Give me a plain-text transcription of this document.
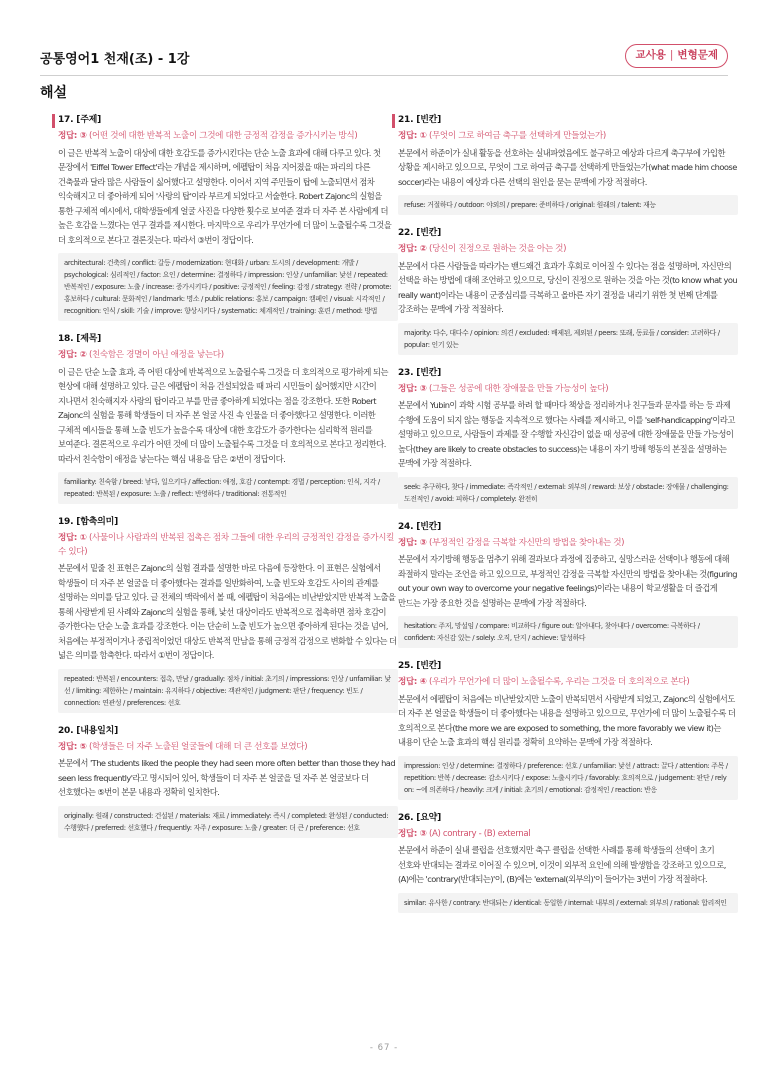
공통영어1 천재(조) - 1강	교사용 | 변형문제
해설
17. [주제]
정답: ③ (어떤 것에 대한 반복적 노출이 그것에 대한 긍정적 감정을 증가시키는 방식)
이 글은 반복적 노출이 대상에 대한 호감도를 증가시킨다는 단순 노출 효과에 대해 다루고 있다. 첫 문장에서 'Eiffel Tower Effect'라는 개념을 제시하며, 에펠탑이 처음 지어졌을 때는 파리의 다른 건축물과 달라 많은 사람들이 싫어했다고 설명한다. 이어서 지역 주민들이 탑에 노출되면서 점차 익숙해지고 더 좋아하게 되어 '사랑의 탑'이라 부르게 되었다고 서술한다. Robert Zajonc의 실험을 통한 구체적 예시에서, 대학생들에게 얼굴 사진을 다양한 횟수로 보여준 결과 더 자주 본 사람에게 더 높은 호감을 느꼈다는 연구 결과를 제시한다. 마지막으로 우리가 무언가에 더 많이 노출될수록 그것을 더 호의적으로 본다고 결론짓는다. 따라서 ③번이 정답이다.
architectural: 건축의 / conflict: 갈등 / modernization: 현대화 / urban: 도시의 / development: 개발 / psychological: 심리적인 / factor: 요인 / determine: 결정하다 / impression: 인상 / unfamiliar: 낯선 / repeated: 반복적인 / exposure: 노출 / increase: 증가시키다 / positive: 긍정적인 / feeling: 감정 / strategy: 전략 / promote: 홍보하다 / cultural: 문화적인 / landmark: 명소 / public relations: 홍보 / campaign: 캠페인 / visual: 시각적인 / recognition: 인식 / skill: 기술 / improve: 향상시키다 / systematic: 체계적인 / training: 훈련 / method: 방법
18. [제목]
정답: ② (친숙함은 경멸이 아닌 애정을 낳는다)
이 글은 단순 노출 효과, 즉 어떤 대상에 반복적으로 노출될수록 그것을 더 호의적으로 평가하게 되는 현상에 대해 설명하고 있다. 글은 에펠탑이 처음 건설되었을 때 파리 시민들이 싫어했지만 시간이 지나면서 친숙해지자 사랑의 탑이라고 부를 만큼 좋아하게 되었다는 점을 강조한다. 또한 Robert Zajonc의 실험을 통해 학생들이 더 자주 본 얼굴 사진 속 인물을 더 좋아했다고 설명한다. 이러한 구체적 예시들을 통해 노출 빈도가 높을수록 대상에 대한 호감도가 증가한다는 심리학적 원리를 보여준다. 결론적으로 우리가 어떤 것에 더 많이 노출될수록 그것을 더 호의적으로 본다고 정리한다. 따라서 친숙함이 애정을 낳는다는 핵심 내용을 담은 ②번이 정답이다.
familiarity: 친숙함 / breed: 낳다, 일으키다 / affection: 애정, 호감 / contempt: 경멸 / perception: 인식, 지각 / repeated: 반복된 / exposure: 노출 / reflect: 반영하다 / traditional: 전통적인
19. [함축의미]
정답: ① (사물이나 사람과의 반복된 접촉은 점차 그들에 대한 우리의 긍정적인 감정을 증가시킬 수 있다)
본문에서 밑줄 친 표현은 Zajonc의 실험 결과를 설명한 바로 다음에 등장한다. 이 표현은 실험에서 학생들이 더 자주 본 얼굴을 더 좋아했다는 결과를 일반화하여, 노출 빈도와 호감도 사이의 관계를 설명하는 의미를 담고 있다. 글 전체의 맥락에서 볼 때, 에펠탑이 처음에는 비난받았지만 반복적 노출을 통해 사랑받게 된 사례와 Zajonc의 실험을 통해, 낯선 대상이라도 반복적으로 접촉하면 점차 호감이 증가한다는 단순 노출 효과를 강조한다. 이는 단순히 노출 빈도가 높으면 좋아하게 된다는 것을 넘어, 처음에는 부정적이거나 중립적이었던 대상도 반복적 만남을 통해 긍정적 감정으로 변화할 수 있다는 더 넓은 의미를 함축한다. 따라서 ①번이 정답이다.
repeated: 반복된 / encounters: 접촉, 만남 / gradually: 점차 / initial: 초기의 / impressions: 인상 / unfamiliar: 낯선 / limiting: 제한하는 / maintain: 유지하다 / objective: 객관적인 / judgment: 판단 / frequency: 빈도 / connection: 연관성 / preferences: 선호
20. [내용일치]
정답: ⑤ (학생들은 더 자주 노출된 얼굴들에 대해 더 큰 선호를 보였다)
본문에서 'The students liked the people they had seen more often better than those they had seen less frequently'라고 명시되어 있어, 학생들이 더 자주 본 얼굴을 덜 자주 본 얼굴보다 더 선호했다는 ⑤번이 본문 내용과 정확히 일치한다.
originally: 원래 / constructed: 건설된 / materials: 재료 / immediately: 즉시 / completed: 완성된 / conducted: 수행했다 / preferred: 선호했다 / frequently: 자주 / exposure: 노출 / greater: 더 큰 / preference: 선호
21. [빈칸]
정답: ① (무엇이 그로 하여금 축구를 선택하게 만들었는가)
본문에서 하준이가 실내 활동을 선호하는 실내파였음에도 불구하고 예상과 다르게 축구부에 가입한 상황을 제시하고 있으므로, 무엇이 그로 하여금 축구를 선택하게 만들었는가(what made him choose soccer)라는 내용이 예상과 다른 선택의 원인을 묻는 문맥에 가장 적절하다.
refuse: 거절하다 / outdoor: 야외의 / prepare: 준비하다 / original: 원래의 / talent: 재능
22. [빈칸]
정답: ② (당신이 진정으로 원하는 것을 아는 것)
본문에서 다른 사람들을 따라가는 밴드왜건 효과가 후회로 이어질 수 있다는 점을 설명하며, 자신만의 선택을 하는 방법에 대해 조언하고 있으므로, 당신이 진정으로 원하는 것을 아는 것(to know what you really want)이라는 내용이 군중심리를 극복하고 올바른 자기 결정을 내리기 위한 첫 번째 단계를 강조하는 문맥에 가장 적절하다.
majority: 다수, 대다수 / opinion: 의견 / excluded: 배제된, 제외된 / peers: 또래, 동료들 / consider: 고려하다 / popular: 인기 있는
23. [빈칸]
정답: ③ (그들은 성공에 대한 장애물을 만들 가능성이 높다)
본문에서 Yubin이 과학 시험 공부를 하려 할 때마다 책상을 정리하거나 친구들과 문자를 하는 등 과제 수행에 도움이 되지 않는 행동을 지속적으로 했다는 사례를 제시하고, 이를 'self-handicapping'이라고 설명하고 있으므로, 사람들이 과제를 잘 수행할 자신감이 없을 때 성공에 대한 장애물을 만들 가능성이 높다(they are likely to create obstacles to success)는 내용이 자기 방해 행동의 본질을 설명하는 문맥에 가장 적절하다.
seek: 추구하다, 찾다 / immediate: 즉각적인 / external: 외부의 / reward: 보상 / obstacle: 장애물 / challenging: 도전적인 / avoid: 피하다 / completely: 완전히
24. [빈칸]
정답: ③ (부정적인 감정을 극복할 자신만의 방법을 찾아내는 것)
본문에서 자기방해 행동을 멈추기 위해 결과보다 과정에 집중하고, 실망스러운 선택이나 행동에 대해 좌절하지 말라는 조언을 하고 있으므로, 부정적인 감정을 극복할 자신만의 방법을 찾아내는 것(figuring out your own way to overcome your negative feelings)이라는 내용이 학교생활을 더 즐겁게 만드는 가장 중요한 것을 설명하는 문맥에 가장 적절하다.
hesitation: 주저, 망설임 / compare: 비교하다 / figure out: 알아내다, 찾아내다 / overcome: 극복하다 / confident: 자신감 있는 / solely: 오직, 단지 / achieve: 달성하다
25. [빈칸]
정답: ④ (우리가 무언가에 더 많이 노출될수록, 우리는 그것을 더 호의적으로 본다)
본문에서 에펠탑이 처음에는 비난받았지만 노출이 반복되면서 사랑받게 되었고, Zajonc의 실험에서도 더 자주 본 얼굴을 학생들이 더 좋아했다는 내용을 설명하고 있으므로, 무언가에 더 많이 노출될수록 더 호의적으로 본다(the more we are exposed to something, the more favorably we view it)는 내용이 단순 노출 효과의 핵심 원리를 정확히 요약하는 문맥에 가장 적절하다.
impression: 인상 / determine: 결정하다 / preference: 선호 / unfamiliar: 낯선 / attract: 끌다 / attention: 주목 / repetition: 반복 / decrease: 감소시키다 / expose: 노출시키다 / favorably: 호의적으로 / judgement: 판단 / rely on: ~에 의존하다 / heavily: 크게 / initial: 초기의 / emotional: 감정적인 / reaction: 반응
26. [요약]
정답: ③ (A) contrary - (B) external
본문에서 하준이 실내 클럽을 선호했지만 축구 클럽을 선택한 사례를 통해 학생들의 선택이 초기 선호와 반대되는 결과로 이어질 수 있으며, 이것이 외부적 요인에 의해 발생함을 강조하고 있으므로, (A)에는 'contrary(반대되는)'이, (B)에는 'external(외부의)'이 들어가는 3번이 가장 적절하다.
similar: 유사한 / contrary: 반대되는 / identical: 동일한 / internal: 내부의 / external: 외부의 / rational: 합리적인
- 67 -
